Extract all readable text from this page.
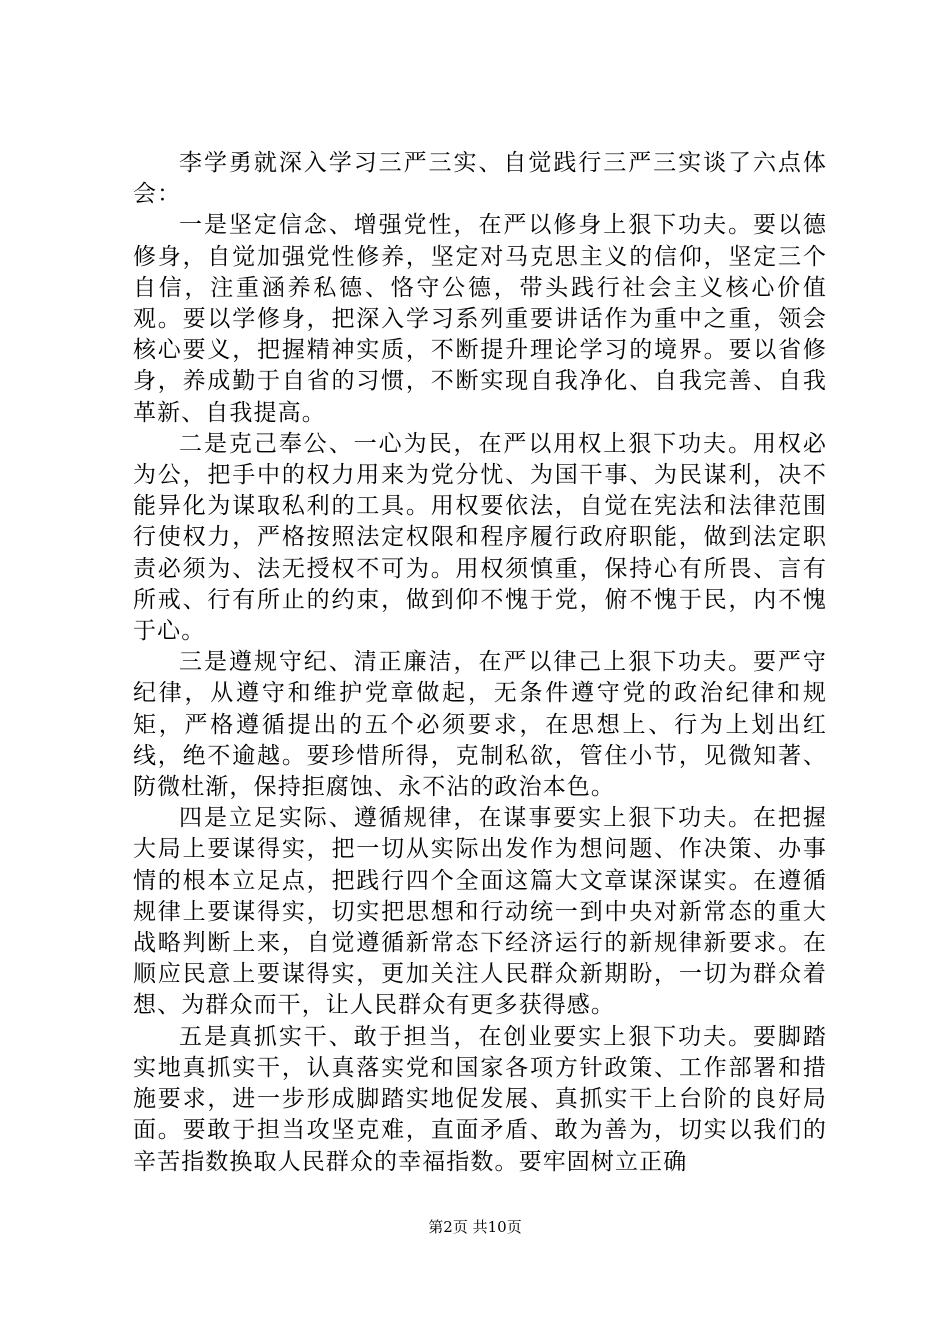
李学勇就深入学习三严三实、自觉践行三严三实谈了六点体会：

一是坚定信念、增强党性，在严以修身上狠下功夫。要以德修身，自觉加强党性修养，坚定对马克思主义的信仰，坚定三个自信，注重涵养私德、恪守公德，带头践行社会主义核心价值观。要以学修身，把深入学习系列重要讲话作为重中之重，领会核心要义，把握精神实质，不断提升理论学习的境界。要以省修身，养成勤于自省的习惯，不断实现自我净化、自我完善、自我革新、自我提高。

二是克己奉公、一心为民，在严以用权上狠下功夫。用权必为公，把手中的权力用来为党分忧、为国干事、为民谋利，决不能异化为谋取私利的工具。用权要依法，自觉在宪法和法律范围行使权力，严格按照法定权限和程序履行政府职能，做到法定职责必须为、法无授权不可为。用权须慎重，保持心有所畏、言有所戒、行有所止的约束，做到仰不愧于党，俯不愧于民，内不愧于心。

三是遵规守纪、清正廉洁，在严以律己上狠下功夫。要严守纪律，从遵守和维护党章做起，无条件遵守党的政治纪律和规矩，严格遵循提出的五个必须要求，在思想上、行为上划出红线，绝不逾越。要珍惜所得，克制私欲，管住小节，见微知著、防微杜渐，保持拒腐蚀、永不沾的政治本色。

四是立足实际、遵循规律，在谋事要实上狠下功夫。在把握大局上要谋得实，把一切从实际出发作为想问题、作决策、办事情的根本立足点，把践行四个全面这篇大文章谋深谋实。在遵循规律上要谋得实，切实把思想和行动统一到中央对新常态的重大战略判断上来，自觉遵循新常态下经济运行的新规律新要求。在顺应民意上要谋得实，更加关注人民群众新期盼，一切为群众着想、为群众而干，让人民群众有更多获得感。

五是真抓实干、敢于担当，在创业要实上狠下功夫。要脚踏实地真抓实干，认真落实党和国家各项方针政策、工作部署和措施要求，进一步形成脚踏实地促发展、真抓实干上台阶的良好局面。要敢于担当攻坚克难，直面矛盾、敢为善为，切实以我们的辛苦指数换取人民群众的幸福指数。要牢固树立正确

第2页 共10页
